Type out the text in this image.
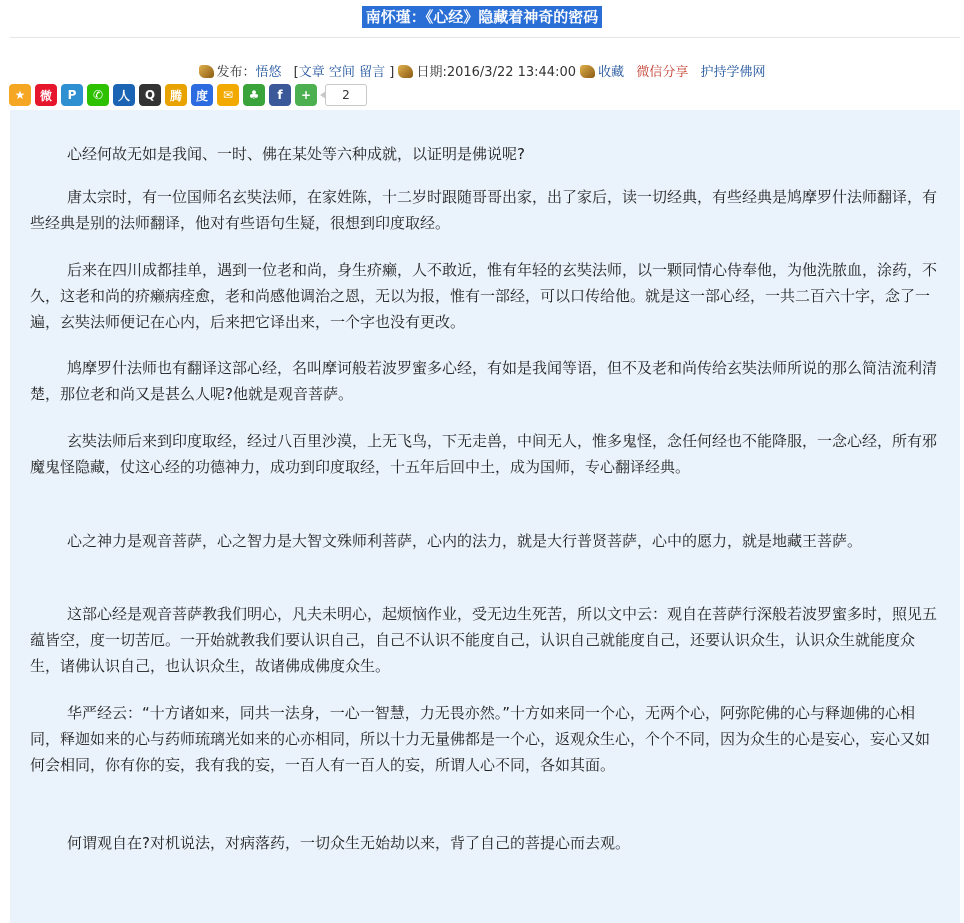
南怀瑾：《心经》隐藏着神奇的密码
发布：悟悠 [文章 空间 留言 ] 日期:2016/3/22 13:44:00 收藏 微信分享 护持学佛网
★	微	P	✆	人	Q	腾	度	✉	♣	f	+	2

心经何故无如是我闻、一时、佛在某处等六种成就，以证明是佛说呢?

唐太宗时，有一位国师名玄奘法师，在家姓陈，十二岁时跟随哥哥出家，出了家后，读一切经典，有些经典是鸠摩罗什法师翻译，有些经典是别的法师翻译，他对有些语句生疑，很想到印度取经。

后来在四川成都挂单，遇到一位老和尚，身生疥癞，人不敢近，惟有年轻的玄奘法师，以一颗同情心侍奉他，为他洗脓血，涂药，不久，这老和尚的疥癞病痊愈，老和尚感他调治之恩，无以为报，惟有一部经，可以口传给他。就是这一部心经，一共二百六十字，念了一遍，玄奘法师便记在心内，后来把它译出来，一个字也没有更改。

鸠摩罗什法师也有翻译这部心经，名叫摩诃般若波罗蜜多心经，有如是我闻等语，但不及老和尚传给玄奘法师所说的那么简洁流利清楚，那位老和尚又是甚么人呢?他就是观音菩萨。

玄奘法师后来到印度取经，经过八百里沙漠，上无飞鸟，下无走兽，中间无人，惟多鬼怪，念任何经也不能降服，一念心经，所有邪魔鬼怪隐藏，仗这心经的功德神力，成功到印度取经，十五年后回中土，成为国师，专心翻译经典。

心之神力是观音菩萨，心之智力是大智文殊师利菩萨，心内的法力，就是大行普贤菩萨，心中的愿力，就是地藏王菩萨。

这部心经是观音菩萨教我们明心，凡夫未明心，起烦恼作业，受无边生死苦，所以文中云：观自在菩萨行深般若波罗蜜多时，照见五蕴皆空，度一切苦厄。一开始就教我们要认识自己，自己不认识不能度自己，认识自己就能度自己，还要认识众生，认识众生就能度众生，诸佛认识自己，也认识众生，故诸佛成佛度众生。

华严经云：“十方诸如来，同共一法身，一心一智慧，力无畏亦然。”十方如来同一个心，无两个心，阿弥陀佛的心与释迦佛的心相同，释迦如来的心与药师琉璃光如来的心亦相同，所以十力无量佛都是一个心，返观众生心，个个不同，因为众生的心是妄心，妄心又如何会相同，你有你的妄，我有我的妄，一百人有一百人的妄，所谓人心不同，各如其面。

何谓观自在?对机说法，对病落药，一切众生无始劫以来，背了自己的菩提心而去观。
